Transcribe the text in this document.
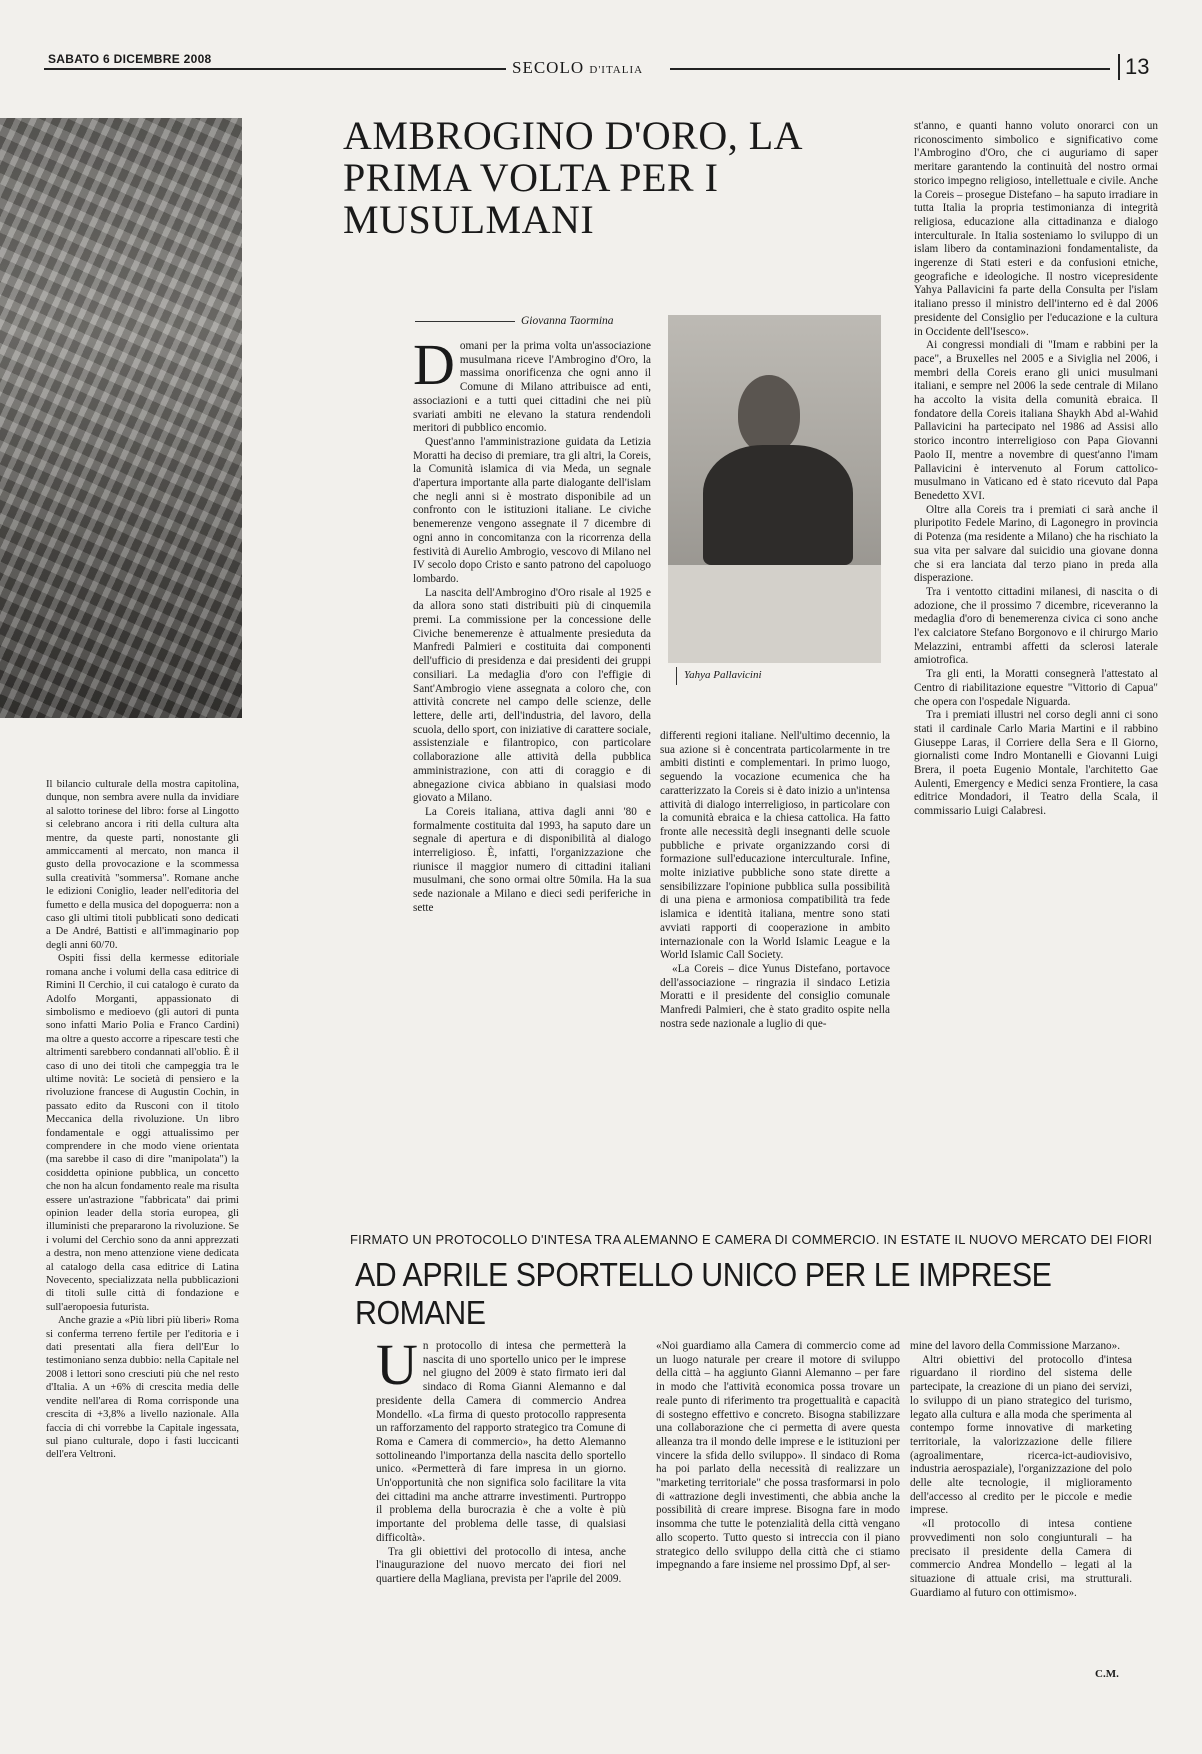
SABATO 6 DICEMBRE 2008	SECOLO D'ITALIA	13

Il bilancio culturale della mostra capitolina, dunque, non sembra avere nulla da invidiare al salotto torinese del libro: forse al Lingotto si celebrano ancora i riti della cultura alta mentre, da queste parti, nonostante gli ammiccamenti al mercato, non manca il gusto della provocazione e la scommessa sulla creatività "sommersa". Romane anche le edizioni Coniglio, leader nell'editoria del fumetto e della musica del dopoguerra: non a caso gli ultimi titoli pubblicati sono dedicati a De André, Battisti e all'immaginario pop degli anni 60/70.

Ospiti fissi della kermesse editoriale romana anche i volumi della casa editrice di Rimini Il Cerchio, il cui catalogo è curato da Adolfo Morganti, appassionato di simbolismo e medioevo (gli autori di punta sono infatti Mario Polia e Franco Cardini) ma oltre a questo accorre a ripescare testi che altrimenti sarebbero condannati all'oblio. È il caso di uno dei titoli che campeggia tra le ultime novità: Le società di pensiero e la rivoluzione francese di Augustin Cochin, in passato edito da Rusconi con il titolo Meccanica della rivoluzione. Un libro fondamentale e oggi attualissimo per comprendere in che modo viene orientata (ma sarebbe il caso di dire "manipolata") la cosiddetta opinione pubblica, un concetto che non ha alcun fondamento reale ma risulta essere un'astrazione "fabbricata" dai primi opinion leader della storia europea, gli illuministi che prepararono la rivoluzione. Se i volumi del Cerchio sono da anni apprezzati a destra, non meno attenzione viene dedicata al catalogo della casa editrice di Latina Novecento, specializzata nella pubblicazioni di titoli sulle città di fondazione e sull'aeropoesia futurista.

Anche grazie a «Più libri più liberi» Roma si conferma terreno fertile per l'editoria e i dati presentati alla fiera dell'Eur lo testimoniano senza dubbio: nella Capitale nel 2008 i lettori sono cresciuti più che nel resto d'Italia. A un +6% di crescita media delle vendite nell'area di Roma corrisponde una crescita di +3,8% a livello nazionale. Alla faccia di chi vorrebbe la Capitale ingessata, sul piano culturale, dopo i fasti luccicanti dell'era Veltroni.

AMBROGINO D'ORO, LA PRIMA VOLTA PER I MUSULMANI
Giovanna Taormina

Domani per la prima volta un'associazione musulmana riceve l'Ambrogino d'Oro, la massima onorificenza che ogni anno il Comune di Milano attribuisce ad enti, associazioni e a tutti quei cittadini che nei più svariati ambiti ne elevano la statura rendendoli meritori di pubblico encomio.

Quest'anno l'amministrazione guidata da Letizia Moratti ha deciso di premiare, tra gli altri, la Coreis, la Comunità islamica di via Meda, un segnale d'apertura importante alla parte dialogante dell'islam che negli anni si è mostrato disponibile ad un confronto con le istituzioni italiane. Le civiche benemerenze vengono assegnate il 7 dicembre di ogni anno in concomitanza con la ricorrenza della festività di Aurelio Ambrogio, vescovo di Milano nel IV secolo dopo Cristo e santo patrono del capoluogo lombardo.

La nascita dell'Ambrogino d'Oro risale al 1925 e da allora sono stati distribuiti più di cinquemila premi. La commissione per la concessione delle Civiche benemerenze è attualmente presieduta da Manfredi Palmieri e costituita dai componenti dell'ufficio di presidenza e dai presidenti dei gruppi consiliari. La medaglia d'oro con l'effigie di Sant'Ambrogio viene assegnata a coloro che, con attività concrete nel campo delle scienze, delle lettere, delle arti, dell'industria, del lavoro, della scuola, dello sport, con iniziative di carattere sociale, assistenziale e filantropico, con particolare collaborazione alle attività della pubblica amministrazione, con atti di coraggio e di abnegazione civica abbiano in qualsiasi modo giovato a Milano.

La Coreis italiana, attiva dagli anni '80 e formalmente costituita dal 1993, ha saputo dare un segnale di apertura e di disponibilità al dialogo interreligioso. È, infatti, l'organizzazione che riunisce il maggior numero di cittadini italiani musulmani, che sono ormai oltre 50mila. Ha la sua sede nazionale a Milano e dieci sedi periferiche in sette

Yahya Pallavicini

differenti regioni italiane. Nell'ultimo decennio, la sua azione si è concentrata particolarmente in tre ambiti distinti e complementari. In primo luogo, seguendo la vocazione ecumenica che ha caratterizzato la Coreis si è dato inizio a un'intensa attività di dialogo interreligioso, in particolare con la comunità ebraica e la chiesa cattolica. Ha fatto fronte alle necessità degli insegnanti delle scuole pubbliche e private organizzando corsi di formazione sull'educazione interculturale. Infine, molte iniziative pubbliche sono state dirette a sensibilizzare l'opinione pubblica sulla possibilità di una piena e armoniosa compatibilità tra fede islamica e identità italiana, mentre sono stati avviati rapporti di cooperazione in ambito internazionale con la World Islamic League e la World Islamic Call Society.

«La Coreis – dice Yunus Distefano, portavoce dell'associazione – ringrazia il sindaco Letizia Moratti e il presidente del consiglio comunale Manfredi Palmieri, che è stato gradito ospite nella nostra sede nazionale a luglio di que-

st'anno, e quanti hanno voluto onorarci con un riconoscimento simbolico e significativo come l'Ambrogino d'Oro, che ci auguriamo di saper meritare garantendo la continuità del nostro ormai storico impegno religioso, intellettuale e civile. Anche la Coreis – prosegue Distefano – ha saputo irradiare in tutta Italia la propria testimonianza di integrità religiosa, educazione alla cittadinanza e dialogo interculturale. In Italia sosteniamo lo sviluppo di un islam libero da contaminazioni fondamentaliste, da ingerenze di Stati esteri e da confusioni etniche, geografiche e ideologiche. Il nostro vicepresidente Yahya Pallavicini fa parte della Consulta per l'islam italiano presso il ministro dell'interno ed è dal 2006 presidente del Consiglio per l'educazione e la cultura in Occidente dell'Isesco».

Ai congressi mondiali di "Imam e rabbini per la pace", a Bruxelles nel 2005 e a Siviglia nel 2006, i membri della Coreis erano gli unici musulmani italiani, e sempre nel 2006 la sede centrale di Milano ha accolto la visita della comunità ebraica. Il fondatore della Coreis italiana Shaykh Abd al-Wahid Pallavicini ha partecipato nel 1986 ad Assisi allo storico incontro interreligioso con Papa Giovanni Paolo II, mentre a novembre di quest'anno l'imam Pallavicini è intervenuto al Forum cattolico-musulmano in Vaticano ed è stato ricevuto dal Papa Benedetto XVI.

Oltre alla Coreis tra i premiati ci sarà anche il pluripotito Fedele Marino, di Lagonegro in provincia di Potenza (ma residente a Milano) che ha rischiato la sua vita per salvare dal suicidio una giovane donna che si era lanciata dal terzo piano in preda alla disperazione.

Tra i ventotto cittadini milanesi, di nascita o di adozione, che il prossimo 7 dicembre, riceveranno la medaglia d'oro di benemerenza civica ci sono anche l'ex calciatore Stefano Borgonovo e il chirurgo Mario Melazzini, entrambi affetti da sclerosi laterale amiotrofica.

Tra gli enti, la Moratti consegnerà l'attestato al Centro di riabilitazione equestre "Vittorio di Capua" che opera con l'ospedale Niguarda.

Tra i premiati illustri nel corso degli anni ci sono stati il cardinale Carlo Maria Martini e il rabbino Giuseppe Laras, il Corriere della Sera e Il Giorno, giornalisti come Indro Montanelli e Giovanni Luigi Brera, il poeta Eugenio Montale, l'architetto Gae Aulenti, Emergency e Medici senza Frontiere, la casa editrice Mondadori, il Teatro della Scala, il commissario Luigi Calabresi.

FIRMATO UN PROTOCOLLO D'INTESA TRA ALEMANNO E CAMERA DI COMMERCIO. IN ESTATE IL NUOVO MERCATO DEI FIORI
AD APRILE SPORTELLO UNICO PER LE IMPRESE ROMANE

Un protocollo di intesa che permetterà la nascita di uno sportello unico per le imprese nel giugno del 2009 è stato firmato ieri dal sindaco di Roma Gianni Alemanno e dal presidente della Camera di commercio Andrea Mondello. «La firma di questo protocollo rappresenta un rafforzamento del rapporto strategico tra Comune di Roma e Camera di commercio», ha detto Alemanno sottolineando l'importanza della nascita dello sportello unico. «Permetterà di fare impresa in un giorno. Un'opportunità che non significa solo facilitare la vita dei cittadini ma anche attrarre investimenti. Purtroppo il problema della burocrazia è che a volte è più importante del problema delle tasse, di qualsiasi difficoltà».

Tra gli obiettivi del protocollo di intesa, anche l'inaugurazione del nuovo mercato dei fiori nel quartiere della Magliana, prevista per l'aprile del 2009.

«Noi guardiamo alla Camera di commercio come ad un luogo naturale per creare il motore di sviluppo della città – ha aggiunto Gianni Alemanno – per fare in modo che l'attività economica possa trovare un reale punto di riferimento tra progettualità e capacità di sostegno effettivo e concreto. Bisogna stabilizzare una collaborazione che ci permetta di avere questa alleanza tra il mondo delle imprese e le istituzioni per vincere la sfida dello sviluppo». Il sindaco di Roma ha poi parlato della necessità di realizzare un "marketing territoriale" che possa trasformarsi in polo di «attrazione degli investimenti, che abbia anche la possibilità di creare imprese. Bisogna fare in modo insomma che tutte le potenzialità della città vengano allo scoperto. Tutto questo si intreccia con il piano strategico dello sviluppo della città che ci stiamo impegnando a fare insieme nel prossimo Dpf, al ser-

mine del lavoro della Commissione Marzano».

Altri obiettivi del protocollo d'intesa riguardano il riordino del sistema delle partecipate, la creazione di un piano dei servizi, lo sviluppo di un piano strategico del turismo, legato alla cultura e alla moda che sperimenta al contempo forme innovative di marketing territoriale, la valorizzazione delle filiere (agroalimentare, ricerca-ict-audiovisivo, industria aerospaziale), l'organizzazione del polo delle alte tecnologie, il miglioramento dell'accesso al credito per le piccole e medie imprese.

«Il protocollo di intesa contiene provvedimenti non solo congiunturali – ha precisato il presidente della Camera di commercio Andrea Mondello – legati al la situazione di attuale crisi, ma strutturali. Guardiamo al futuro con ottimismo».

C.M.
